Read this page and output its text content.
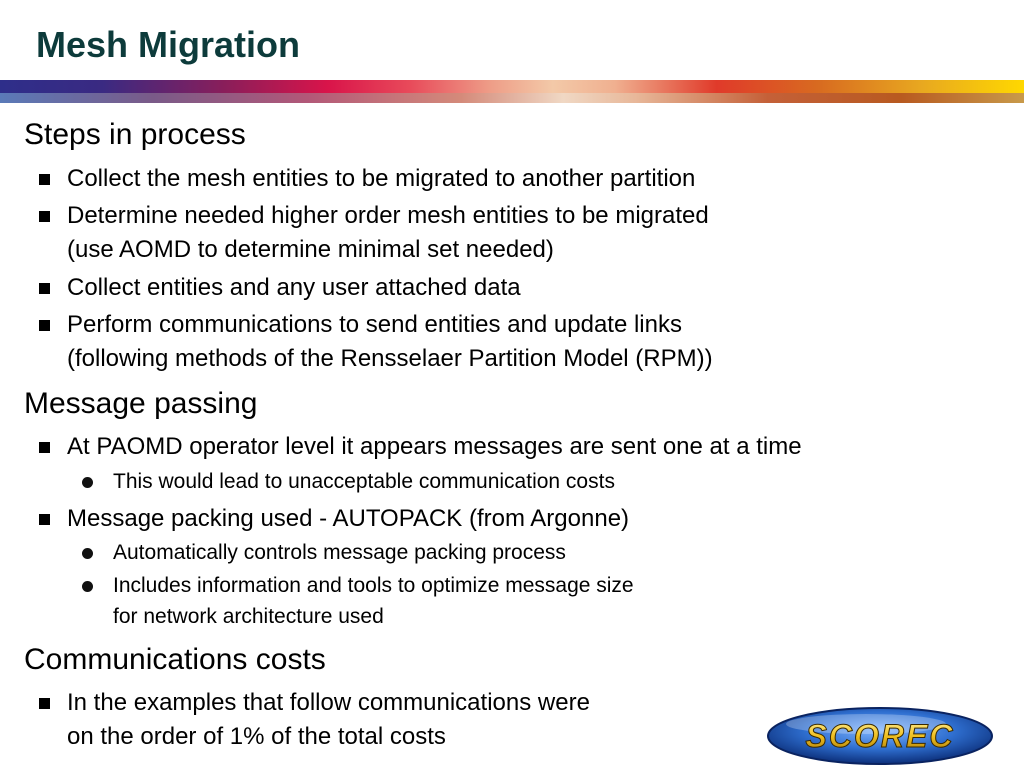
Mesh Migration
Steps in process
Collect the mesh entities to be migrated to another partition
Determine needed higher order mesh entities to be migrated
(use AOMD to determine minimal set needed)
Collect entities and any user attached data
Perform communications to send entities and update links
(following methods of the Rensselaer Partition Model (RPM))
Message passing
At PAOMD operator level it appears messages are sent one at a time
This would lead to unacceptable communication costs
Message packing used - AUTOPACK (from Argonne)
Automatically controls message packing process
Includes information and tools to optimize message size
for network architecture used
Communications costs
In the examples that follow communications were
on the order of 1% of the total costs	SCOREC
